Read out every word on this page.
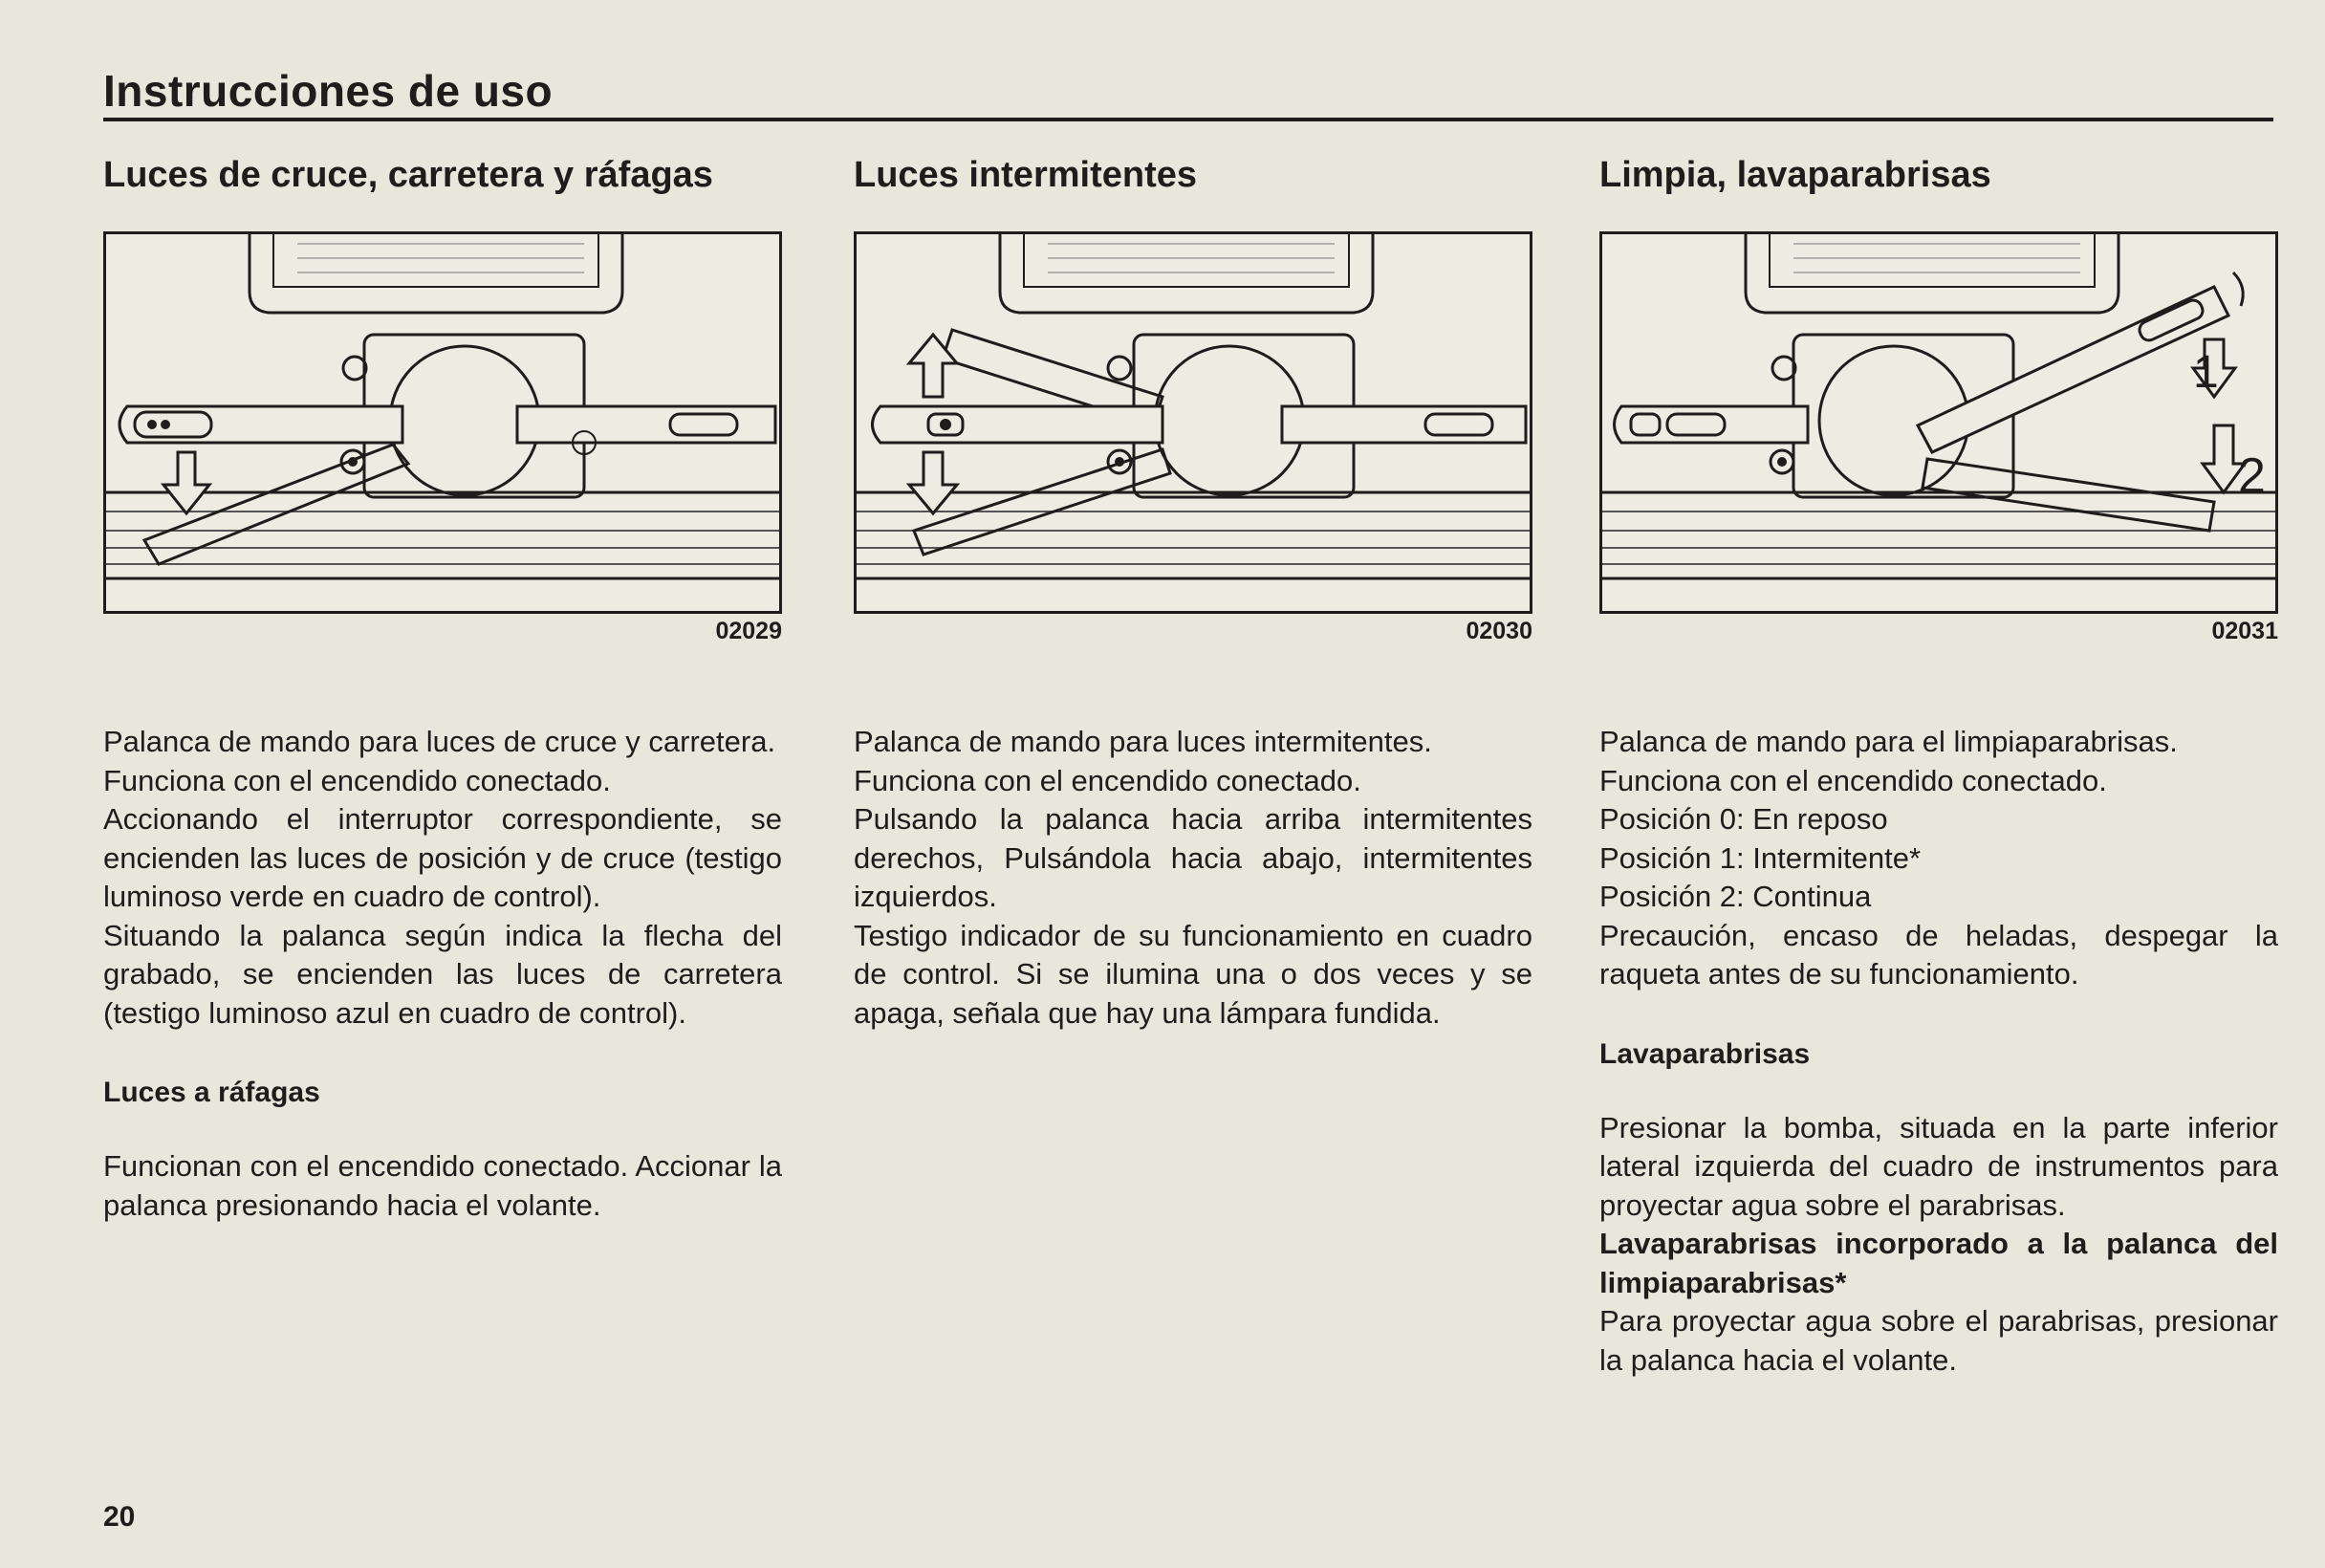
Instrucciones de uso
Luces de cruce, carretera y ráfagas
02029

Palanca de mando para luces de cruce y carretera.

Funciona con el encendido conectado.

Accionando el interruptor correspondiente, se encienden las luces de posición y de cruce (testigo luminoso verde en cuadro de control).

Situando la palanca según indica la flecha del grabado, se encienden las luces de carretera (testigo luminoso azul en cuadro de control).

Luces a ráfagas

Funcionan con el encendido conectado. Accionar la palanca presionando hacia el volante.

Luces intermitentes
02030

Palanca de mando para luces intermitentes.

Funciona con el encendido conectado.

Pulsando la palanca hacia arriba intermitentes derechos, Pulsándola hacia abajo, intermitentes izquierdos.

Testigo indicador de su funcionamiento en cuadro de control. Si se ilumina una o dos veces y se apaga, señala que hay una lámpara fundida.

Limpia, lavaparabrisas
1
2
02031

Palanca de mando para el limpiaparabrisas.

Funciona con el encendido conectado.

Posición 0: En reposo

Posición 1: Intermitente*

Posición 2: Continua

Precaución, encaso de heladas, despegar la raqueta antes de su funcionamiento.

Lavaparabrisas

Presionar la bomba, situada en la parte inferior lateral izquierda del cuadro de instrumentos para proyectar agua sobre el parabrisas.

Lavaparabrisas incorporado a la palanca del limpiaparabrisas*

Para proyectar agua sobre el parabrisas, presionar la palanca hacia el volante.

20
